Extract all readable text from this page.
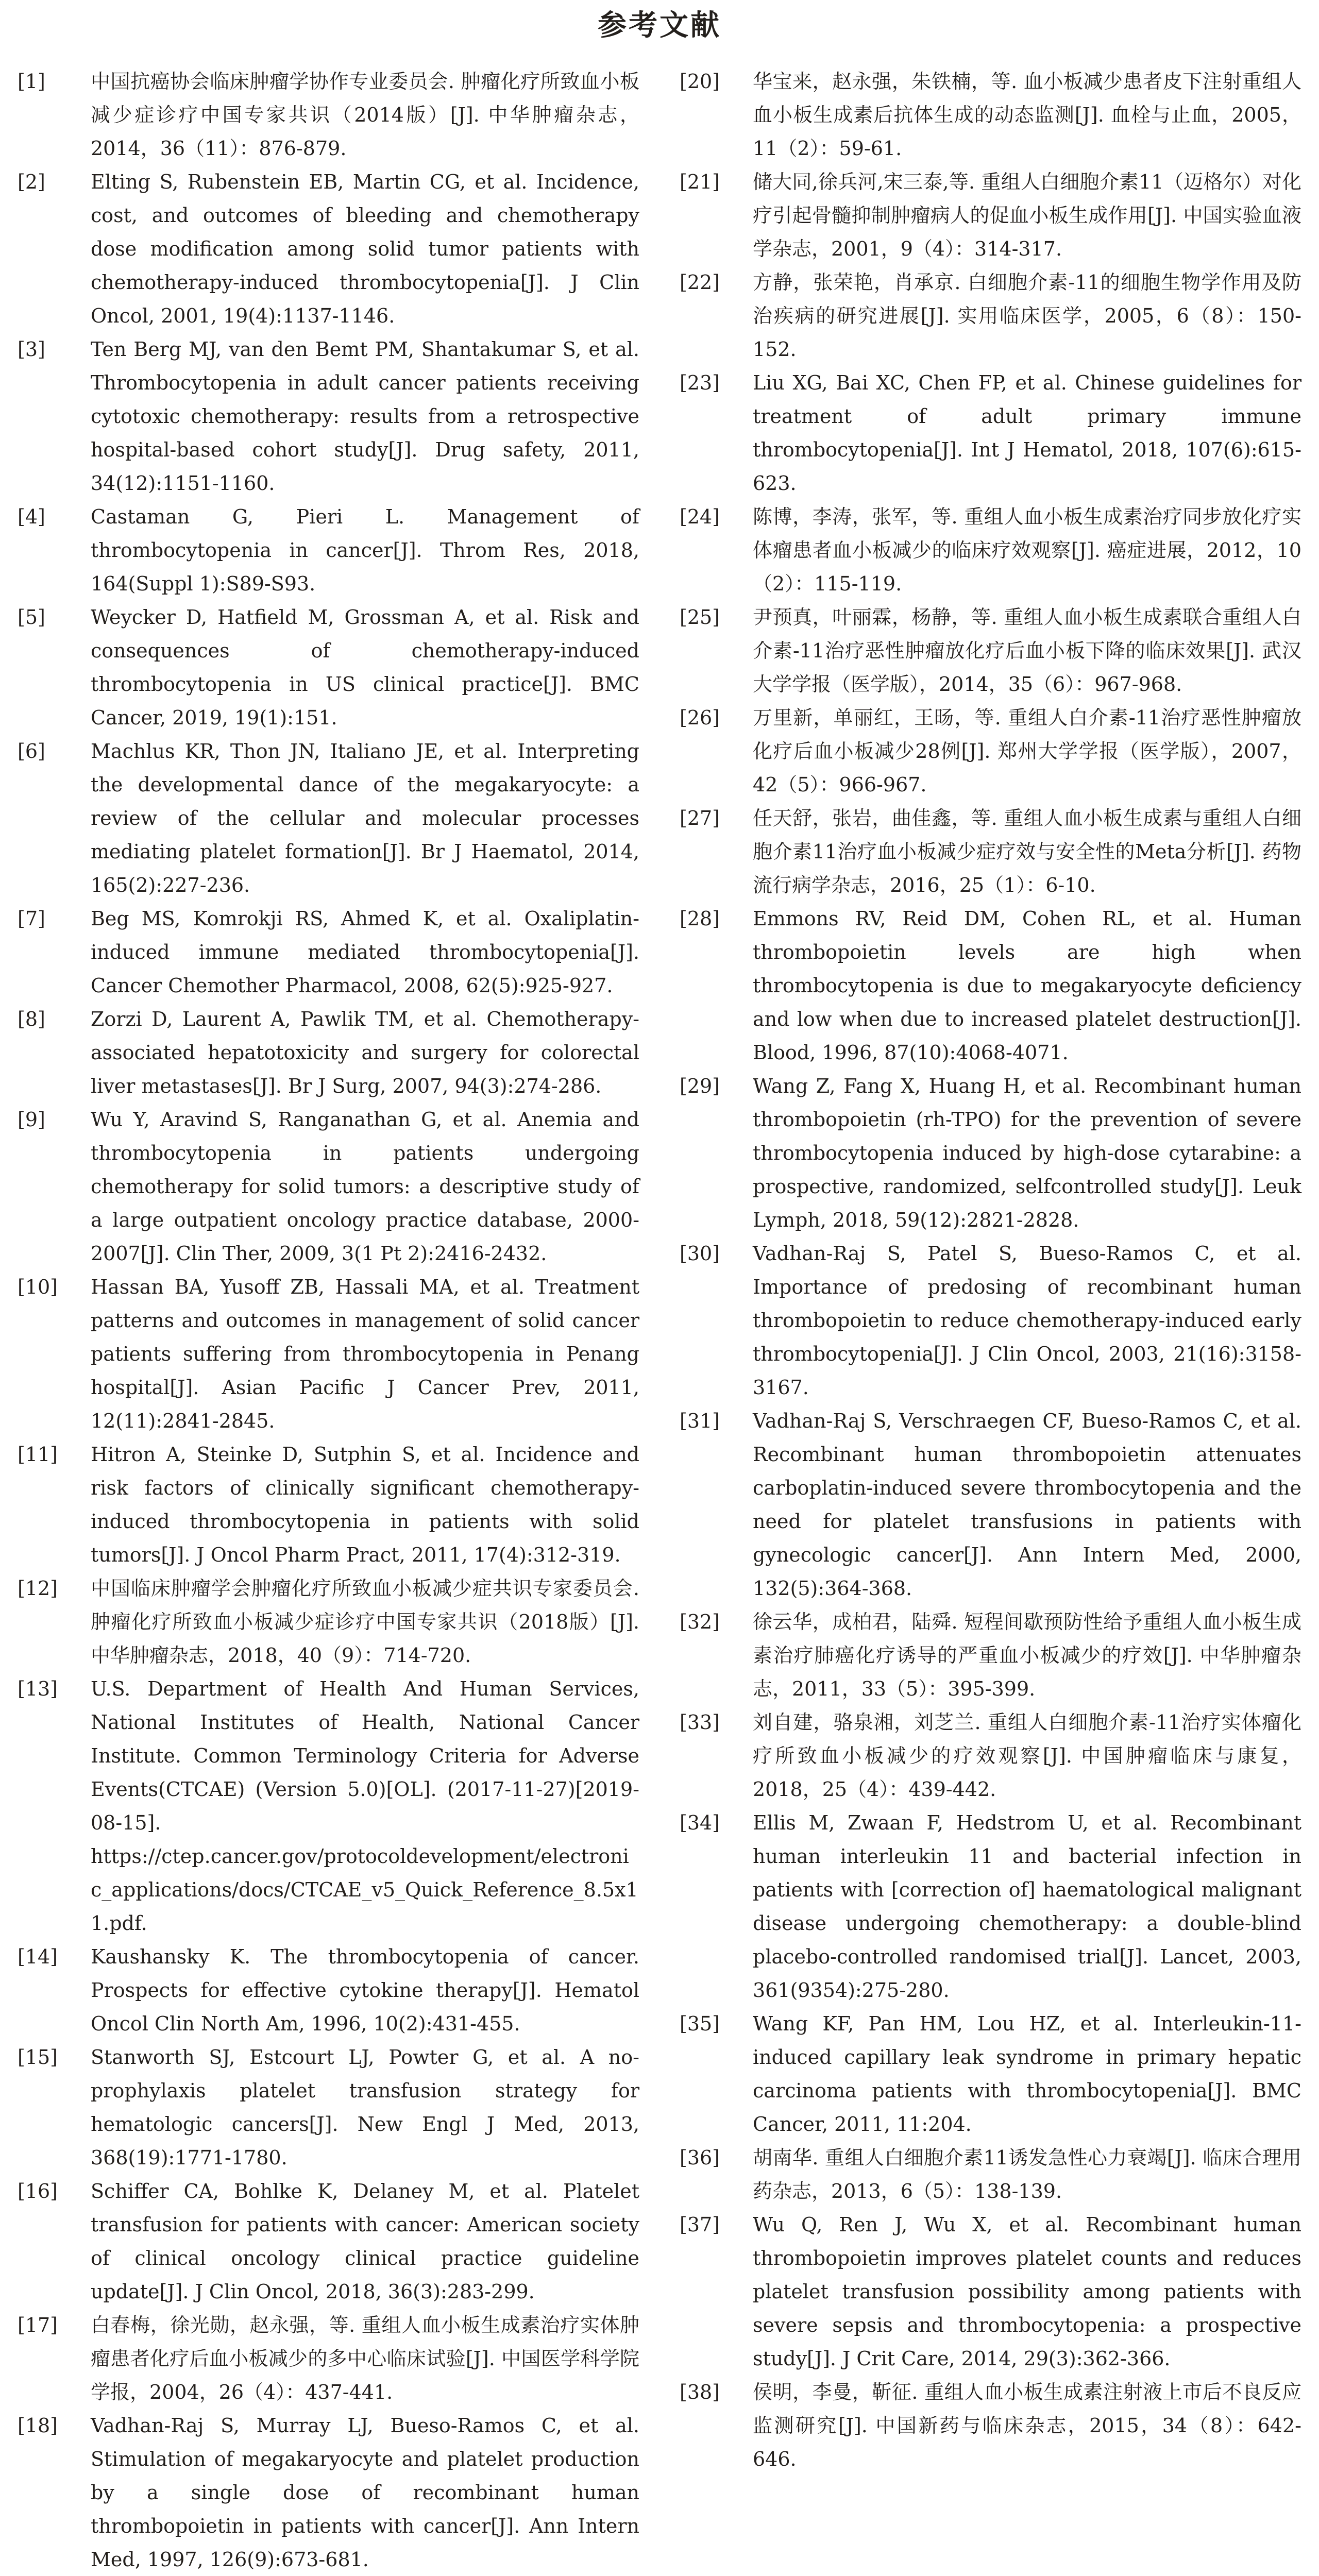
参考文献
[1]	中国抗癌协会临床肿瘤学协作专业委员会. 肿瘤化疗所致血小板减少症诊疗中国专家共识（2014版）[J]. 中华肿瘤杂志，2014，36（11）：876-879.
[2]	Elting S, Rubenstein EB, Martin CG, et al. Incidence, cost, and outcomes of bleeding and chemotherapy dose modification among solid tumor patients with chemotherapy-induced thrombocytopenia[J]. J Clin Oncol, 2001, 19(4):1137-1146.
[3]	Ten Berg MJ, van den Bemt PM, Shantakumar S, et al. Thrombocytopenia in adult cancer patients receiving cytotoxic chemotherapy: results from a retrospective hospital-based cohort study[J]. Drug safety, 2011, 34(12):1151-1160.
[4]	Castaman G, Pieri L. Management of thrombocytopenia in cancer[J]. Throm Res, 2018, 164(Suppl 1):S89-S93.
[5]	Weycker D, Hatfield M, Grossman A, et al. Risk and consequences of chemotherapy-induced thrombocytopenia in US clinical practice[J]. BMC Cancer, 2019, 19(1):151.
[6]	Machlus KR, Thon JN, Italiano JE, et al. Interpreting the developmental dance of the megakaryocyte: a review of the cellular and molecular processes mediating platelet formation[J]. Br J Haematol, 2014, 165(2):227-236.
[7]	Beg MS, Komrokji RS, Ahmed K, et al. Oxaliplatin-induced immune mediated thrombocytopenia[J]. Cancer Chemother Pharmacol, 2008, 62(5):925-927.
[8]	Zorzi D, Laurent A, Pawlik TM, et al. Chemotherapy-associated hepatotoxicity and surgery for colorectal liver metastases[J]. Br J Surg, 2007, 94(3):274-286.
[9]	Wu Y, Aravind S, Ranganathan G, et al. Anemia and thrombocytopenia in patients undergoing chemotherapy for solid tumors: a descriptive study of a large outpatient oncology practice database, 2000-2007[J]. Clin Ther, 2009, 3(1 Pt 2):2416-2432.
[10]	Hassan BA, Yusoff ZB, Hassali MA, et al. Treatment patterns and outcomes in management of solid cancer patients suffering from thrombocytopenia in Penang hospital[J]. Asian Pacific J Cancer Prev, 2011, 12(11):2841-2845.
[11]	Hitron A, Steinke D, Sutphin S, et al. Incidence and risk factors of clinically significant chemotherapy-induced thrombocytopenia in patients with solid tumors[J]. J Oncol Pharm Pract, 2011, 17(4):312-319.
[12]	中国临床肿瘤学会肿瘤化疗所致血小板减少症共识专家委员会. 肿瘤化疗所致血小板减少症诊疗中国专家共识（2018版）[J]. 中华肿瘤杂志，2018，40（9）：714-720.
[13]	U.S. Department of Health And Human Services, National Institutes of Health, National Cancer Institute. Common Terminology Criteria for Adverse Events(CTCAE) (Version 5.0)[OL]. (2017-11-27)[2019-08-15]. https://ctep.cancer.gov/protocoldevelopment/electronic_applications/docs/CTCAE_v5_Quick_Reference_8.5x11.pdf.
[14]	Kaushansky K. The thrombocytopenia of cancer. Prospects for effective cytokine therapy[J]. Hematol Oncol Clin North Am, 1996, 10(2):431-455.
[15]	Stanworth SJ, Estcourt LJ, Powter G, et al. A no-prophylaxis platelet transfusion strategy for hematologic cancers[J]. New Engl J Med, 2013, 368(19):1771-1780.
[16]	Schiffer CA, Bohlke K, Delaney M, et al. Platelet transfusion for patients with cancer: American society of clinical oncology clinical practice guideline update[J]. J Clin Oncol, 2018, 36(3):283-299.
[17]	白春梅，徐光勋，赵永强，等. 重组人血小板生成素治疗实体肿瘤患者化疗后血小板减少的多中心临床试验[J]. 中国医学科学院学报，2004，26（4）：437-441.
[18]	Vadhan-Raj S, Murray LJ, Bueso-Ramos C, et al. Stimulation of megakaryocyte and platelet production by a single dose of recombinant human thrombopoietin in patients with cancer[J]. Ann Intern Med, 1997, 126(9):673-681.
[20]	华宝来，赵永强，朱铁楠，等. 血小板减少患者皮下注射重组人血小板生成素后抗体生成的动态监测[J]. 血栓与止血，2005，11（2）：59-61.
[21]	储大同,徐兵河,宋三泰,等. 重组人白细胞介素11（迈格尔）对化疗引起骨髓抑制肿瘤病人的促血小板生成作用[J]. 中国实验血液学杂志，2001，9（4）：314-317.
[22]	方静，张荣艳，肖承京. 白细胞介素-11的细胞生物学作用及防治疾病的研究进展[J]. 实用临床医学，2005，6（8）：150-152.
[23]	Liu XG, Bai XC, Chen FP, et al. Chinese guidelines for treatment of adult primary immune thrombocytopenia[J]. Int J Hematol, 2018, 107(6):615-623.
[24]	陈博，李涛，张军，等. 重组人血小板生成素治疗同步放化疗实体瘤患者血小板减少的临床疗效观察[J]. 癌症进展，2012，10（2）：115-119.
[25]	尹预真，叶丽霖，杨静，等. 重组人血小板生成素联合重组人白介素-11治疗恶性肿瘤放化疗后血小板下降的临床效果[J]. 武汉大学学报（医学版），2014，35（6）：967-968.
[26]	万里新，单丽红，王旸，等. 重组人白介素-11治疗恶性肿瘤放化疗后血小板减少28例[J]. 郑州大学学报（医学版），2007，42（5）：966-967.
[27]	任天舒，张岩，曲佳鑫，等. 重组人血小板生成素与重组人白细胞介素11治疗血小板减少症疗效与安全性的Meta分析[J]. 药物流行病学杂志，2016，25（1）：6-10.
[28]	Emmons RV, Reid DM, Cohen RL, et al. Human thrombopoietin levels are high when thrombocytopenia is due to megakaryocyte deficiency and low when due to increased platelet destruction[J]. Blood, 1996, 87(10):4068-4071.
[29]	Wang Z, Fang X, Huang H, et al. Recombinant human thrombopoietin (rh-TPO) for the prevention of severe thrombocytopenia induced by high-dose cytarabine: a prospective, randomized, selfcontrolled study[J]. Leuk Lymph, 2018, 59(12):2821-2828.
[30]	Vadhan-Raj S, Patel S, Bueso-Ramos C, et al. Importance of predosing of recombinant human thrombopoietin to reduce chemotherapy-induced early thrombocytopenia[J]. J Clin Oncol, 2003, 21(16):3158-3167.
[31]	Vadhan-Raj S, Verschraegen CF, Bueso-Ramos C, et al. Recombinant human thrombopoietin attenuates carboplatin-induced severe thrombocytopenia and the need for platelet transfusions in patients with gynecologic cancer[J]. Ann Intern Med, 2000, 132(5):364-368.
[32]	徐云华，成柏君，陆舜. 短程间歇预防性给予重组人血小板生成素治疗肺癌化疗诱导的严重血小板减少的疗效[J]. 中华肿瘤杂志，2011，33（5）：395-399.
[33]	刘自建，骆泉湘，刘芝兰. 重组人白细胞介素-11治疗实体瘤化疗所致血小板减少的疗效观察[J]. 中国肿瘤临床与康复，2018，25（4）：439-442.
[34]	Ellis M, Zwaan F, Hedstrom U, et al. Recombinant human interleukin 11 and bacterial infection in patients with [correction of] haematological malignant disease undergoing chemotherapy: a double-blind placebo-controlled randomised trial[J]. Lancet, 2003, 361(9354):275-280.
[35]	Wang KF, Pan HM, Lou HZ, et al. Interleukin-11-induced capillary leak syndrome in primary hepatic carcinoma patients with thrombocytopenia[J]. BMC Cancer, 2011, 11:204.
[36]	胡南华. 重组人白细胞介素11诱发急性心力衰竭[J]. 临床合理用药杂志，2013，6（5）：138-139.
[37]	Wu Q, Ren J, Wu X, et al. Recombinant human thrombopoietin improves platelet counts and reduces platelet transfusion possibility among patients with severe sepsis and thrombocytopenia: a prospective study[J]. J Crit Care, 2014, 29(3):362-366.
[38]	侯明，李曼，靳征. 重组人血小板生成素注射液上市后不良反应监测研究[J]. 中国新药与临床杂志，2015，34（8）：642-646.
